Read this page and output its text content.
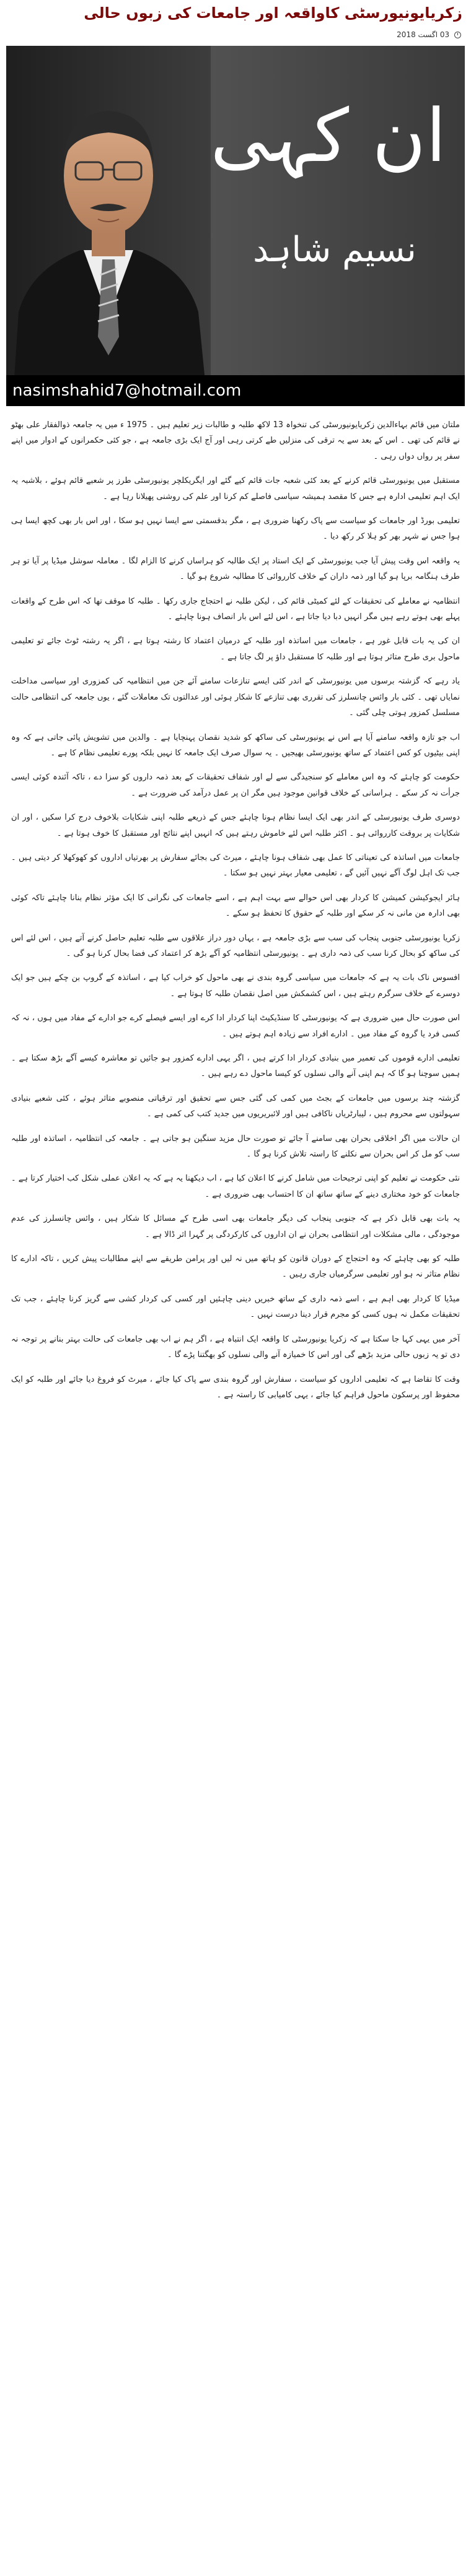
زکریایونیورسٹی کاواقعہ اور جامعات کی زبوں حالی
03 اگست 2018
ان کہی
نسیم شاہد
nasimshahid7@hotmail.com

ملتان میں قائم بہاءالدین زکریایونیورسٹی کی تنخواہ 13 لاکھ طلبہ و طالبات زیر تعلیم ہیں ۔ 1975 ء میں یہ جامعہ ذوالفقار علی بھٹو نے قائم کی تھی ۔ اس کے بعد سے یہ ترقی کی منزلیں طے کرتی رہی اور آج ایک بڑی جامعہ ہے ، جو کئی حکمرانوں کے ادوار میں اپنے سفر پر رواں دواں رہی ۔

مستقبل میں یونیورسٹی قائم کرنے کے بعد کئی شعبہ جات قائم کیے گئے اور ایگریکلچر یونیورسٹی طرز پر شعبے قائم ہوئے ، بلاشبہ یہ ایک اہم تعلیمی ادارہ ہے جس کا مقصد ہمیشہ سیاسی فاصلے کم کرنا اور علم کی روشنی پھیلانا رہا ہے ۔

تعلیمی بورڈ اور جامعات کو سیاست سے پاک رکھنا ضروری ہے ، مگر بدقسمتی سے ایسا نہیں ہو سکا ، اور اس بار بھی کچھ ایسا ہی ہوا جس نے شہر بھر کو ہلا کر رکھ دیا ۔

یہ واقعہ اس وقت پیش آیا جب یونیورسٹی کے ایک استاد پر ایک طالبہ کو ہراساں کرنے کا الزام لگا ۔ معاملہ سوشل میڈیا پر آیا تو ہر طرف ہنگامہ برپا ہو گیا اور ذمہ داران کے خلاف کارروائی کا مطالبہ شروع ہو گیا ۔

انتظامیہ نے معاملے کی تحقیقات کے لئے کمیٹی قائم کی ، لیکن طلبہ نے احتجاج جاری رکھا ۔ طلبہ کا موقف تھا کہ اس طرح کے واقعات پہلے بھی ہوتے رہے ہیں مگر انہیں دبا دیا جاتا ہے ، اس لئے اس بار انصاف ہونا چاہئے ۔

ان کی یہ بات قابل غور ہے ، جامعات میں اساتذہ اور طلبہ کے درمیان اعتماد کا رشتہ ہوتا ہے ، اگر یہ رشتہ ٹوٹ جائے تو تعلیمی ماحول بری طرح متاثر ہوتا ہے اور طلبہ کا مستقبل داؤ پر لگ جاتا ہے ۔

یاد رہے کہ گزشتہ برسوں میں یونیورسٹی کے اندر کئی ایسے تنازعات سامنے آئے جن میں انتظامیہ کی کمزوری اور سیاسی مداخلت نمایاں تھی ۔ کئی بار وائس چانسلرز کی تقرری بھی تنازعے کا شکار ہوئی اور عدالتوں تک معاملات گئے ، یوں جامعہ کی انتظامی حالت مسلسل کمزور ہوتی چلی گئی ۔

اب جو تازہ واقعہ سامنے آیا ہے اس نے یونیورسٹی کی ساکھ کو شدید نقصان پہنچایا ہے ۔ والدین میں تشویش پائی جاتی ہے کہ وہ اپنی بیٹیوں کو کس اعتماد کے ساتھ یونیورسٹی بھیجیں ۔ یہ سوال صرف ایک جامعہ کا نہیں بلکہ پورے تعلیمی نظام کا ہے ۔

حکومت کو چاہئے کہ وہ اس معاملے کو سنجیدگی سے لے اور شفاف تحقیقات کے بعد ذمہ داروں کو سزا دے ، تاکہ آئندہ کوئی ایسی جرأت نہ کر سکے ۔ ہراسانی کے خلاف قوانین موجود ہیں مگر ان پر عمل درآمد کی ضرورت ہے ۔

دوسری طرف یونیورسٹی کے اندر بھی ایک ایسا نظام ہونا چاہئے جس کے ذریعے طلبہ اپنی شکایات بلاخوف درج کرا سکیں ، اور ان شکایات پر بروقت کارروائی ہو ۔ اکثر طلبہ اس لئے خاموش رہتے ہیں کہ انہیں اپنے نتائج اور مستقبل کا خوف ہوتا ہے ۔

جامعات میں اساتذہ کی تعیناتی کا عمل بھی شفاف ہونا چاہئے ، میرٹ کی بجائے سفارش پر بھرتیاں اداروں کو کھوکھلا کر دیتی ہیں ۔ جب تک اہل لوگ آگے نہیں آئیں گے ، تعلیمی معیار بہتر نہیں ہو سکتا ۔

ہائر ایجوکیشن کمیشن کا کردار بھی اس حوالے سے بہت اہم ہے ، اسے جامعات کی نگرانی کا ایک مؤثر نظام بنانا چاہئے تاکہ کوئی بھی ادارہ من مانی نہ کر سکے اور طلبہ کے حقوق کا تحفظ ہو سکے ۔

زکریا یونیورسٹی جنوبی پنجاب کی سب سے بڑی جامعہ ہے ، یہاں دور دراز علاقوں سے طلبہ تعلیم حاصل کرنے آتے ہیں ، اس لئے اس کی ساکھ کو بحال کرنا سب کی ذمہ داری ہے ۔ یونیورسٹی انتظامیہ کو آگے بڑھ کر اعتماد کی فضا بحال کرنا ہو گی ۔

افسوس ناک بات یہ ہے کہ جامعات میں سیاسی گروہ بندی نے بھی ماحول کو خراب کیا ہے ، اساتذہ کے گروپ بن چکے ہیں جو ایک دوسرے کے خلاف سرگرم رہتے ہیں ، اس کشمکش میں اصل نقصان طلبہ کا ہوتا ہے ۔

اس صورت حال میں ضروری ہے کہ یونیورسٹی کا سنڈیکیٹ اپنا کردار ادا کرے اور ایسے فیصلے کرے جو ادارے کے مفاد میں ہوں ، نہ کہ کسی فرد یا گروہ کے مفاد میں ۔ ادارے افراد سے زیادہ اہم ہوتے ہیں ۔

تعلیمی ادارے قوموں کی تعمیر میں بنیادی کردار ادا کرتے ہیں ، اگر یہی ادارے کمزور ہو جائیں تو معاشرہ کیسے آگے بڑھ سکتا ہے ۔ ہمیں سوچنا ہو گا کہ ہم اپنی آنے والی نسلوں کو کیسا ماحول دے رہے ہیں ۔

گزشتہ چند برسوں میں جامعات کے بجٹ میں کمی کی گئی جس سے تحقیق اور ترقیاتی منصوبے متاثر ہوئے ، کئی شعبے بنیادی سہولتوں سے محروم ہیں ، لیبارٹریاں ناکافی ہیں اور لائبریریوں میں جدید کتب کی کمی ہے ۔

ان حالات میں اگر اخلاقی بحران بھی سامنے آ جائے تو صورت حال مزید سنگین ہو جاتی ہے ۔ جامعہ کی انتظامیہ ، اساتذہ اور طلبہ سب کو مل کر اس بحران سے نکلنے کا راستہ تلاش کرنا ہو گا ۔

نئی حکومت نے تعلیم کو اپنی ترجیحات میں شامل کرنے کا اعلان کیا ہے ، اب دیکھنا یہ ہے کہ یہ اعلان عملی شکل کب اختیار کرتا ہے ۔ جامعات کو خود مختاری دینے کے ساتھ ساتھ ان کا احتساب بھی ضروری ہے ۔

یہ بات بھی قابل ذکر ہے کہ جنوبی پنجاب کی دیگر جامعات بھی اسی طرح کے مسائل کا شکار ہیں ، وائس چانسلرز کی عدم موجودگی ، مالی مشکلات اور انتظامی بحران نے ان اداروں کی کارکردگی پر گہرا اثر ڈالا ہے ۔

طلبہ کو بھی چاہئے کہ وہ احتجاج کے دوران قانون کو ہاتھ میں نہ لیں اور پرامن طریقے سے اپنے مطالبات پیش کریں ، تاکہ ادارے کا نظام متاثر نہ ہو اور تعلیمی سرگرمیاں جاری رہیں ۔

میڈیا کا کردار بھی اہم ہے ، اسے ذمہ داری کے ساتھ خبریں دینی چاہئیں اور کسی کی کردار کشی سے گریز کرنا چاہئے ، جب تک تحقیقات مکمل نہ ہوں کسی کو مجرم قرار دینا درست نہیں ۔

آخر میں یہی کہا جا سکتا ہے کہ زکریا یونیورسٹی کا واقعہ ایک انتباہ ہے ، اگر ہم نے اب بھی جامعات کی حالت بہتر بنانے پر توجہ نہ دی تو یہ زبوں حالی مزید بڑھے گی اور اس کا خمیازہ آنے والی نسلوں کو بھگتنا پڑے گا ۔

وقت کا تقاضا ہے کہ تعلیمی اداروں کو سیاست ، سفارش اور گروہ بندی سے پاک کیا جائے ، میرٹ کو فروغ دیا جائے اور طلبہ کو ایک محفوظ اور پرسکون ماحول فراہم کیا جائے ، یہی کامیابی کا راستہ ہے ۔
